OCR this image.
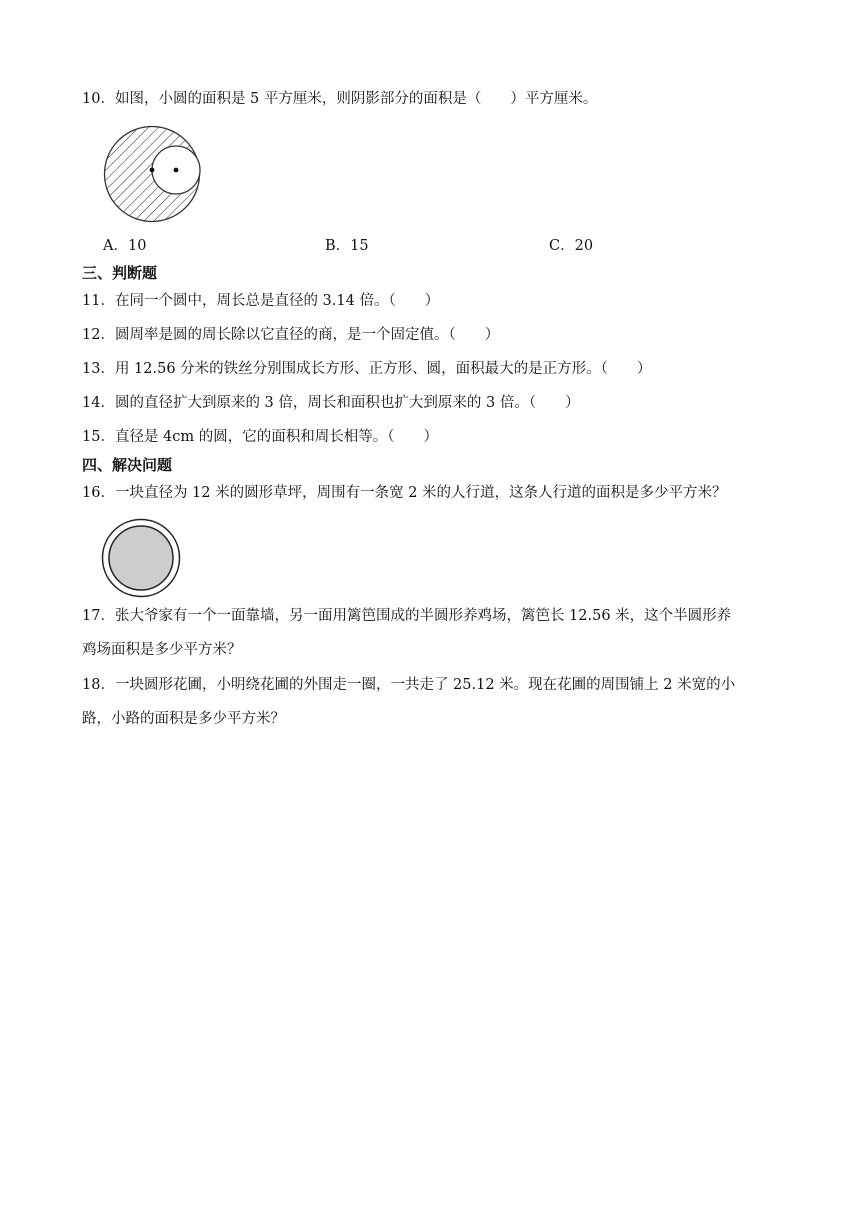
10．如图，小圆的面积是 5 平方厘米，则阴影部分的面积是（　　）平方厘米。
A．10	B．15	C．20
三、判断题
11．在同一个圆中，周长总是直径的 3.14 倍。（　　）
12．圆周率是圆的周长除以它直径的商，是一个固定值。（　　）
13．用 12.56 分米的铁丝分别围成长方形、正方形、圆，面积最大的是正方形。（　　）
14．圆的直径扩大到原来的 3 倍，周长和面积也扩大到原来的 3 倍。（　　）
15．直径是 4cm 的圆，它的面积和周长相等。（　　）
四、解决问题
16．一块直径为 12 米的圆形草坪，周围有一条宽 2 米的人行道，这条人行道的面积是多少平方米？
17．张大爷家有一个一面靠墙，另一面用篱笆围成的半圆形养鸡场，篱笆长 12.56 米，这个半圆形养
鸡场面积是多少平方米？
18．一块圆形花圃，小明绕花圃的外围走一圈，一共走了 25.12 米。现在花圃的周围铺上 2 米宽的小
路，小路的面积是多少平方米？
